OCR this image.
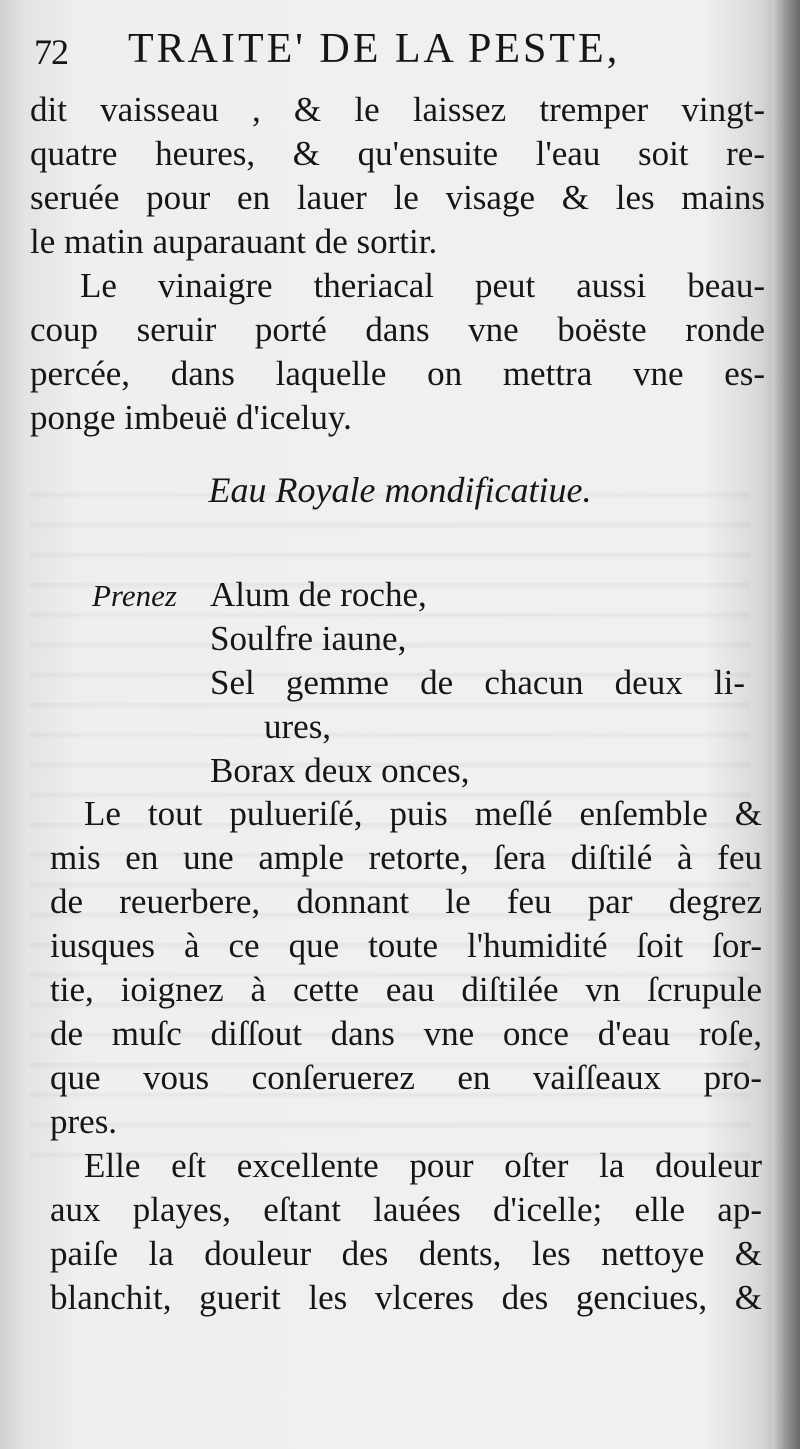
72 TRAITE' DE LA PESTE,
dit vaisseau , & le laissez tremper vingt-
quatre heures, & qu'ensuite l'eau soit re-
seruée pour en lauer le visage & les mains
le matin auparauant de sortir.
Le vinaigre theriacal peut aussi beau-
coup seruir porté dans vne boëste ronde
percée, dans laquelle on mettra vne es-
ponge imbeuë d'iceluy.
Eau Royale mondificatiue.
Prenez Alum de roche,
Soulfre iaune,
Sel gemme de chacun deux li-
ures,
Borax deux onces,
Le tout pulueriſé, puis meſlé enſemble &
mis en une ample retorte, ſera diſtilé à feu
de reuerbere, donnant le feu par degrez
iusques à ce que toute l'humidité ſoit ſor-
tie, ioignez à cette eau diſtilée vn ſcrupule
de muſc diſſout dans vne once d'eau roſe,
que vous conſeruerez en vaiſſeaux pro-
pres.
Elle eſt excellente pour oſter la douleur
aux playes, eſtant lauées d'icelle; elle ap-
paiſe la douleur des dents, les nettoye &
blanchit, guerit les vlceres des genciues, &
